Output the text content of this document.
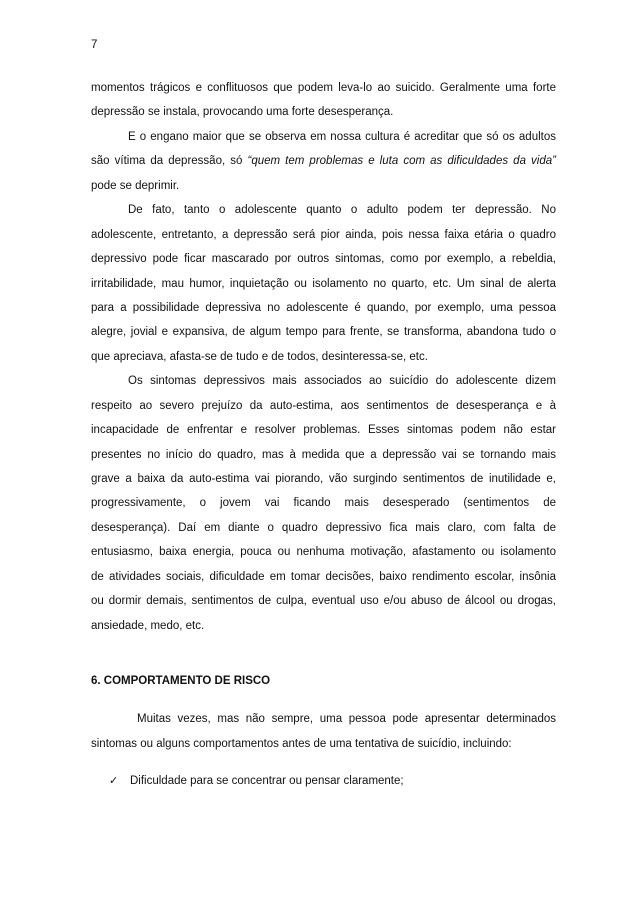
7
momentos trágicos e conflituosos que podem leva-lo ao suicido. Geralmente uma forte
depressão se instala, provocando uma forte desesperança.
E o engano maior que se observa em nossa cultura é acreditar que só os adultos
são vítima da depressão, só “quem tem problemas e luta com as dificuldades da vida”
pode se deprimir.
De fato, tanto o adolescente quanto o adulto podem ter depressão. No
adolescente, entretanto, a depressão será pior ainda, pois nessa faixa etária o quadro
depressivo pode ficar mascarado por outros sintomas, como por exemplo, a rebeldia,
irritabilidade, mau humor, inquietação ou isolamento no quarto, etc. Um sinal de alerta
para a possibilidade depressiva no adolescente é quando, por exemplo, uma pessoa
alegre, jovial e expansiva, de algum tempo para frente, se transforma, abandona tudo o
que apreciava, afasta-se de tudo e de todos, desinteressa-se, etc.
Os sintomas depressivos mais associados ao suicídio do adolescente dizem
respeito ao severo prejuízo da auto-estima, aos sentimentos de desesperança e à
incapacidade de enfrentar e resolver problemas. Esses sintomas podem não estar
presentes no início do quadro, mas à medida que a depressão vai se tornando mais
grave a baixa da auto-estima vai piorando, vão surgindo sentimentos de inutilidade e,
progressivamente, o jovem vai ficando mais desesperado (sentimentos de
desesperança). Daí em diante o quadro depressivo fica mais claro, com falta de
entusiasmo, baixa energia, pouca ou nenhuma motivação, afastamento ou isolamento
de atividades sociais, dificuldade em tomar decisões, baixo rendimento escolar, insônia
ou dormir demais, sentimentos de culpa, eventual uso e/ou abuso de álcool ou drogas,
ansiedade, medo, etc.
6. COMPORTAMENTO DE RISCO
Muitas vezes, mas não sempre, uma pessoa pode apresentar determinados
sintomas ou alguns comportamentos antes de uma tentativa de suicídio, incluindo:
✓
Dificuldade para se concentrar ou pensar claramente;
